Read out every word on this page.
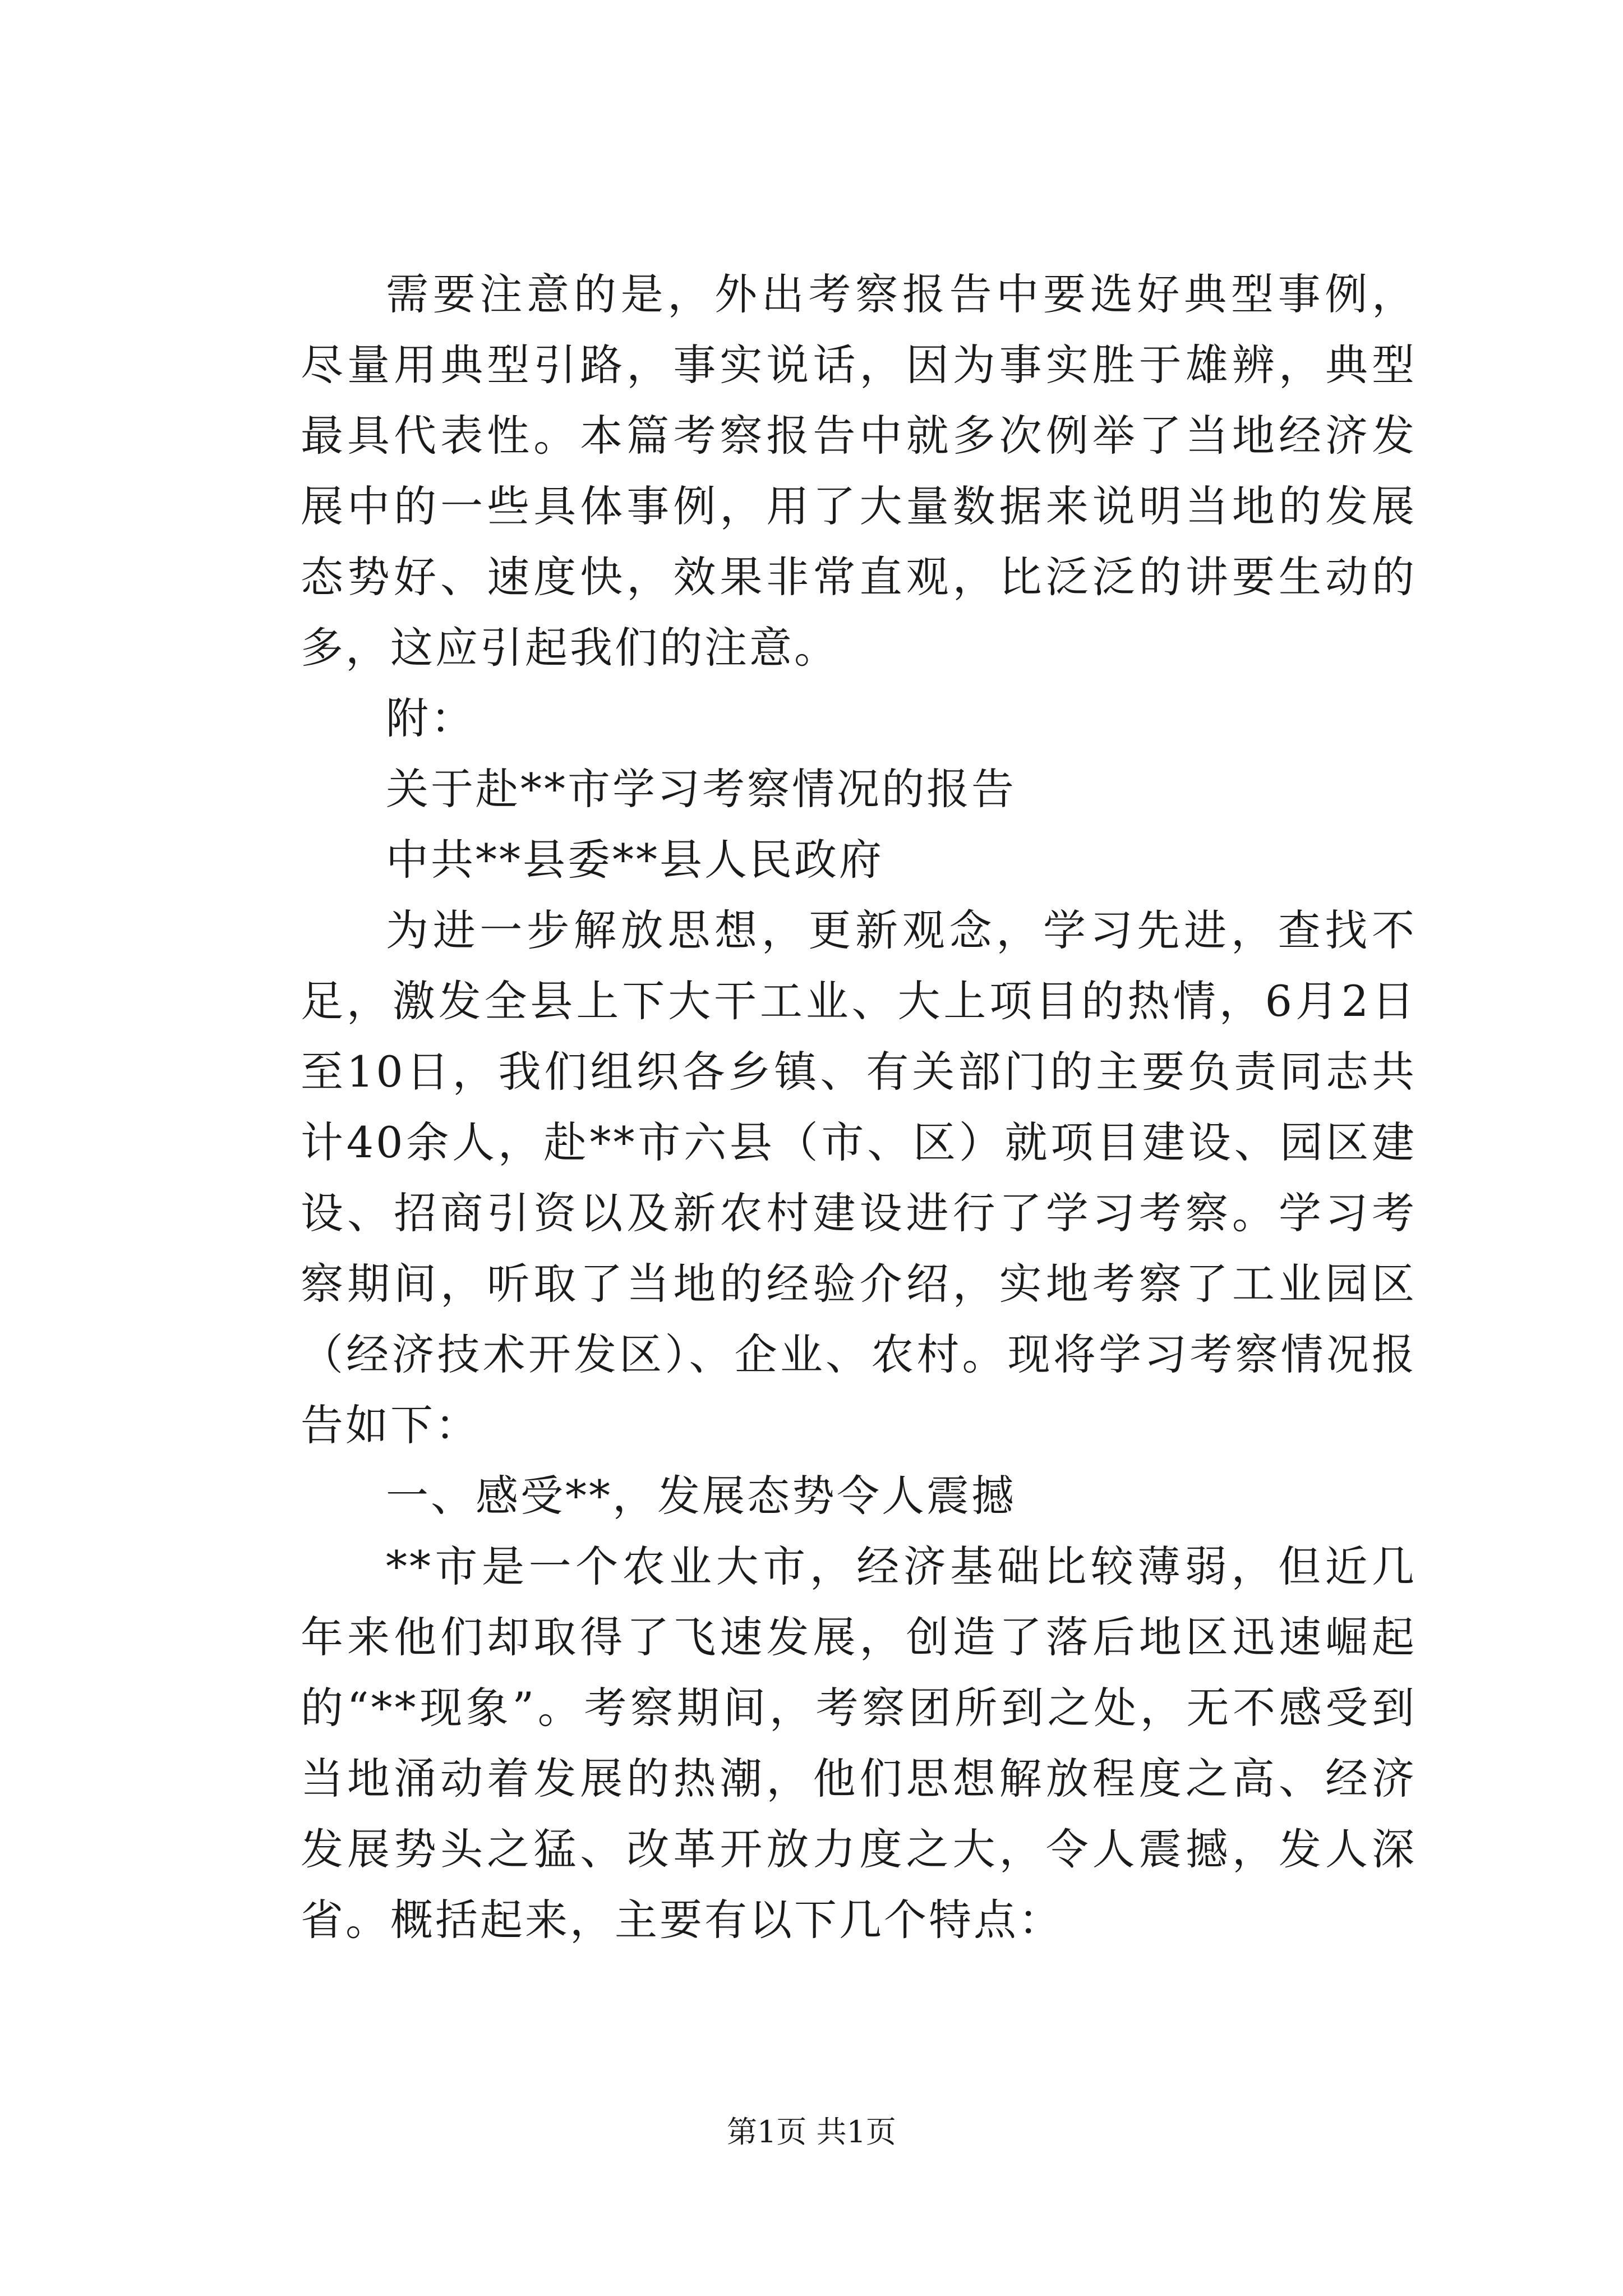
需要注意的是，外出考察报告中要选好典型事例，尽量用典型引路，事实说话，因为事实胜于雄辨，典型最具代表性。本篇考察报告中就多次例举了当地经济发展中的一些具体事例，用了大量数据来说明当地的发展态势好、速度快，效果非常直观，比泛泛的讲要生动的多，这应引起我们的注意。

附：

关于赴**市学习考察情况的报告

中共**县委**县人民政府

为进一步解放思想，更新观念，学习先进，查找不足，激发全县上下大干工业、大上项目的热情，6月2日至10日，我们组织各乡镇、有关部门的主要负责同志共计40余人，赴**市六县（市、区）就项目建设、园区建设、招商引资以及新农村建设进行了学习考察。学习考察期间，听取了当地的经验介绍，实地考察了工业园区（经济技术开发区）、企业、农村。现将学习考察情况报告如下：

一、感受**，发展态势令人震撼

**市是一个农业大市，经济基础比较薄弱，但近几年来他们却取得了飞速发展，创造了落后地区迅速崛起的“**现象”。考察期间，考察团所到之处，无不感受到当地涌动着发展的热潮，他们思想解放程度之高、经济发展势头之猛、改革开放力度之大，令人震撼，发人深省。概括起来，主要有以下几个特点：

第1页 共1页
